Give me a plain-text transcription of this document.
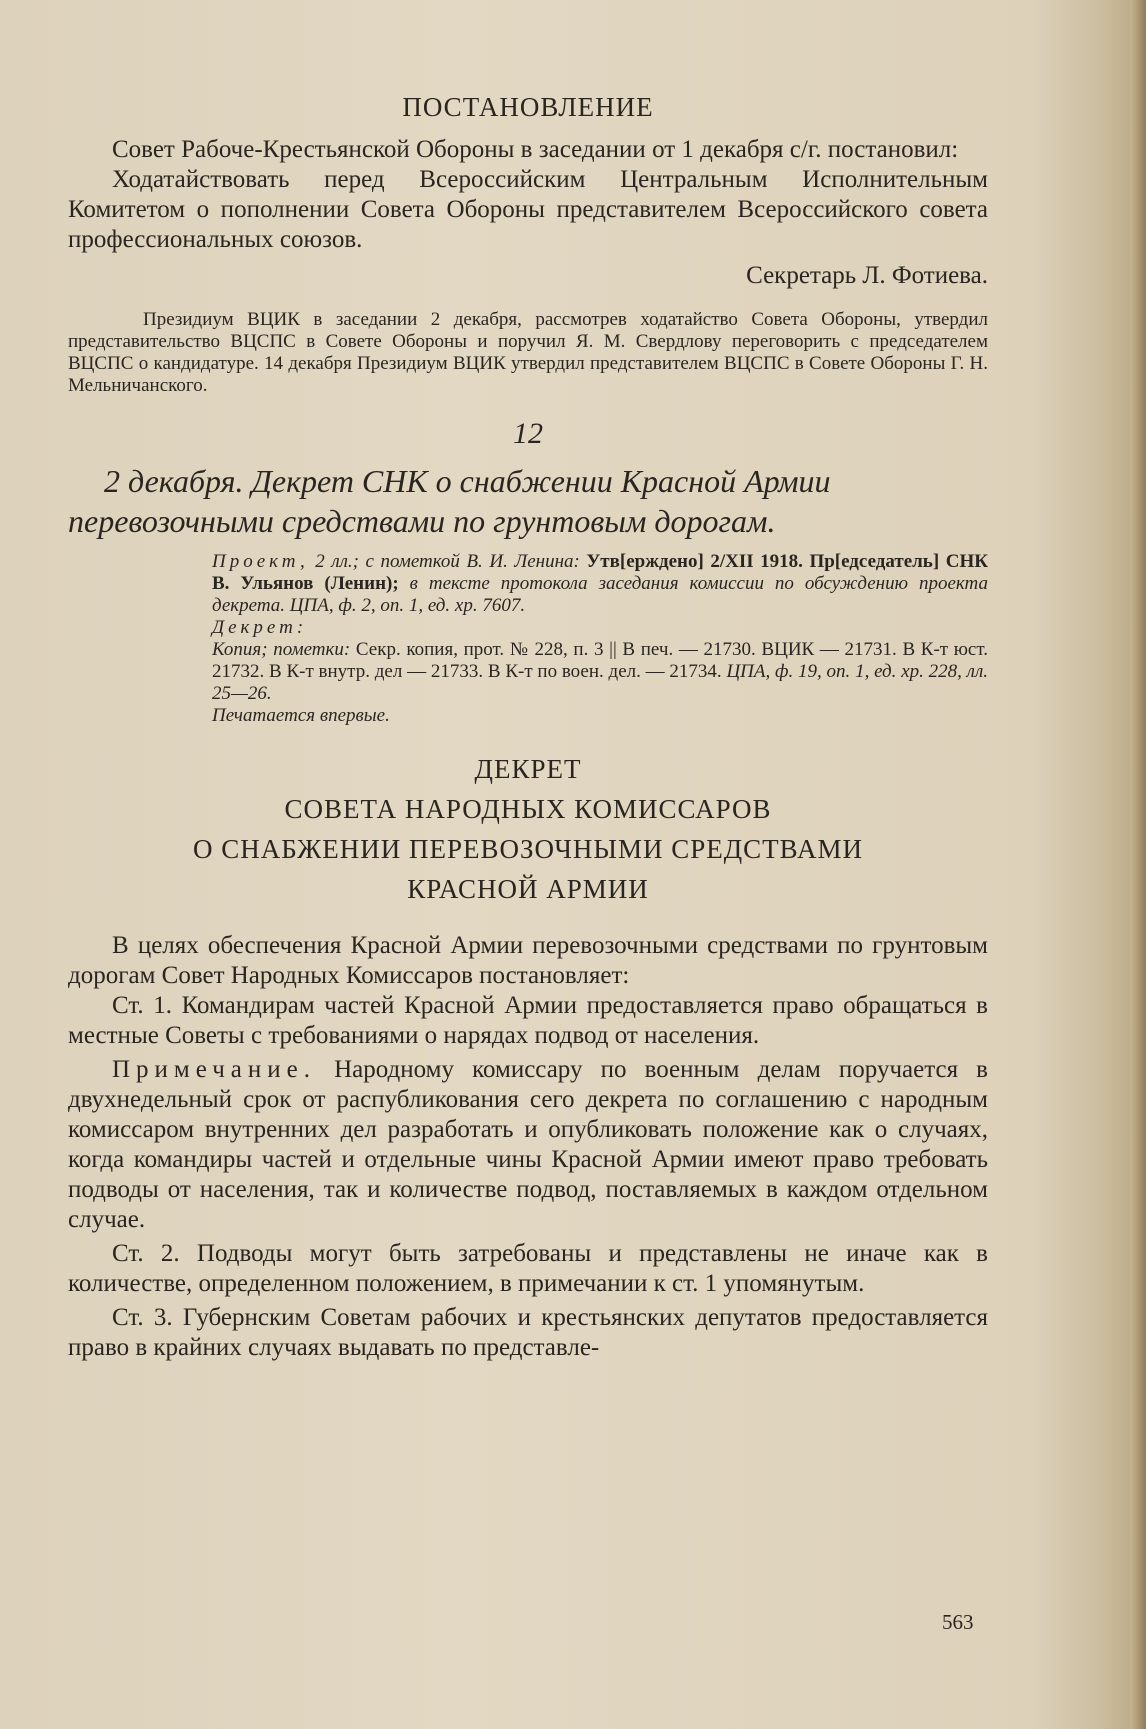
ПОСТАНОВЛЕНИЕ

Совет Рабоче-Крестьянской Обороны в заседании от 1 декабря с/г. постановил:

Ходатайствовать перед Всероссийским Центральным Исполнительным Комитетом о пополнении Совета Обороны представителем Всероссийского совета профессиональных союзов.

Секретарь Л. Фотиева.

Президиум ВЦИК в заседании 2 декабря, рассмотрев ходатайство Совета Обороны, утвердил представительство ВЦСПС в Совете Обороны и поручил Я. М. Свердлову переговорить с председателем ВЦСПС о кандидатуре. 14 декабря Президиум ВЦИК утвердил представителем ВЦСПС в Совете Обороны Г. Н. Мельничанского.

12

2 декабря. Декрет СНК о снабжении Красной Армии перевозочными средствами по грунтовым дорогам.

Проект, 2 лл.; с пометкой В. И. Ленина: Утв[ерждено] 2/XII 1918. Пр[едседатель] СНК В. Ульянов (Ленин); в тексте протокола заседания комиссии по обсуждению проекта декрета. ЦПА, ф. 2, оп. 1, ед. хр. 7607.
Декрет:
Копия; пометки: Секр. копия, прот. № 228, п. 3 || В печ. — 21730. ВЦИК — 21731. В К-т юст. 21732. В К-т внутр. дел — 21733. В К-т по воен. дел. — 21734. ЦПА, ф. 19, оп. 1, ед. хр. 228, лл. 25—26.
Печатается впервые.
ДЕКРЕТ
СОВЕТА НАРОДНЫХ КОМИССАРОВ
О СНАБЖЕНИИ ПЕРЕВОЗОЧНЫМИ СРЕДСТВАМИ
КРАСНОЙ АРМИИ

В целях обеспечения Красной Армии перевозочными средствами по грунтовым дорогам Совет Народных Комиссаров постановляет:

Ст. 1. Командирам частей Красной Армии предоставляется право обращаться в местные Советы с требованиями о нарядах подвод от населения.

Примечание. Народному комиссару по военным делам поручается в двухнедельный срок от распубликования сего декрета по соглашению с народным комиссаром внутренних дел разработать и опубликовать положение как о случаях, когда командиры частей и отдельные чины Красной Армии имеют право требовать подводы от населения, так и количестве подвод, поставляемых в каждом отдельном случае.

Ст. 2. Подводы могут быть затребованы и представлены не иначе как в количестве, определенном положением, в примечании к ст. 1 упомянутым.

Ст. 3. Губернским Советам рабочих и крестьянских депутатов предоставляется право в крайних случаях выдавать по представле-

563
